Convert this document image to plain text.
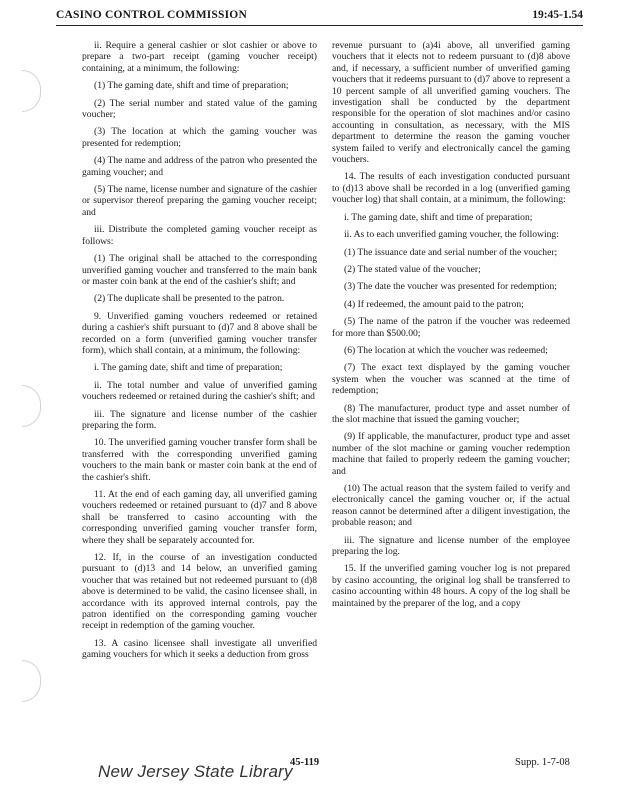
CASINO CONTROL COMMISSION	19:45-1.54

ii. Require a general cashier or slot cashier or above to prepare a two-part receipt (gaming voucher receipt) containing, at a minimum, the following:

(1) The gaming date, shift and time of preparation;

(2) The serial number and stated value of the gaming voucher;

(3) The location at which the gaming voucher was presented for redemption;

(4) The name and address of the patron who presented the gaming voucher; and

(5) The name, license number and signature of the cashier or supervisor thereof preparing the gaming voucher receipt; and

iii. Distribute the completed gaming voucher receipt as follows:

(1) The original shall be attached to the corresponding unverified gaming voucher and transferred to the main bank or master coin bank at the end of the cashier's shift; and

(2) The duplicate shall be presented to the patron.

9. Unverified gaming vouchers redeemed or retained during a cashier's shift pursuant to (d)7 and 8 above shall be recorded on a form (unverified gaming voucher transfer form), which shall contain, at a minimum, the following:

i. The gaming date, shift and time of preparation;

ii. The total number and value of unverified gaming vouchers redeemed or retained during the cashier's shift; and

iii. The signature and license number of the cashier preparing the form.

10. The unverified gaming voucher transfer form shall be transferred with the corresponding unverified gaming vouchers to the main bank or master coin bank at the end of the cashier's shift.

11. At the end of each gaming day, all unverified gaming vouchers redeemed or retained pursuant to (d)7 and 8 above shall be transferred to casino accounting with the corresponding unverified gaming voucher transfer form, where they shall be separately accounted for.

12. If, in the course of an investigation conducted pursuant to (d)13 and 14 below, an unverified gaming voucher that was retained but not redeemed pursuant to (d)8 above is determined to be valid, the casino licensee shall, in accordance with its approved internal controls, pay the patron identified on the corresponding gaming voucher receipt in redemption of the gaming voucher.

13. A casino licensee shall investigate all unverified gaming vouchers for which it seeks a deduction from gross

revenue pursuant to (a)4i above, all unverified gaming vouchers that it elects not to redeem pursuant to (d)8 above and, if necessary, a sufficient number of unverified gaming vouchers that it redeems pursuant to (d)7 above to represent a 10 percent sample of all unverified gaming vouchers. The investigation shall be conducted by the department responsible for the operation of slot machines and/or casino accounting in consultation, as necessary, with the MIS department to determine the reason the gaming voucher system failed to verify and electronically cancel the gaming vouchers.

14. The results of each investigation conducted pursuant to (d)13 above shall be recorded in a log (unverified gaming voucher log) that shall contain, at a minimum, the following:

i. The gaming date, shift and time of preparation;

ii. As to each unverified gaming voucher, the following:

(1) The issuance date and serial number of the voucher;

(2) The stated value of the voucher;

(3) The date the voucher was presented for redemption;

(4) If redeemed, the amount paid to the patron;

(5) The name of the patron if the voucher was redeemed for more than $500.00;

(6) The location at which the voucher was redeemed;

(7) The exact text displayed by the gaming voucher system when the voucher was scanned at the time of redemption;

(8) The manufacturer, product type and asset number of the slot machine that issued the gaming voucher;

(9) If applicable, the manufacturer, product type and asset number of the slot machine or gaming voucher redemption machine that failed to properly redeem the gaming voucher; and

(10) The actual reason that the system failed to verify and electronically cancel the gaming voucher or, if the actual reason cannot be determined after a diligent investigation, the probable reason; and

iii. The signature and license number of the employee preparing the log.

15. If the unverified gaming voucher log is not prepared by casino accounting, the original log shall be transferred to casino accounting within 48 hours. A copy of the log shall be maintained by the preparer of the log, and a copy

45-119	Supp. 1-7-08
New Jersey State Library
